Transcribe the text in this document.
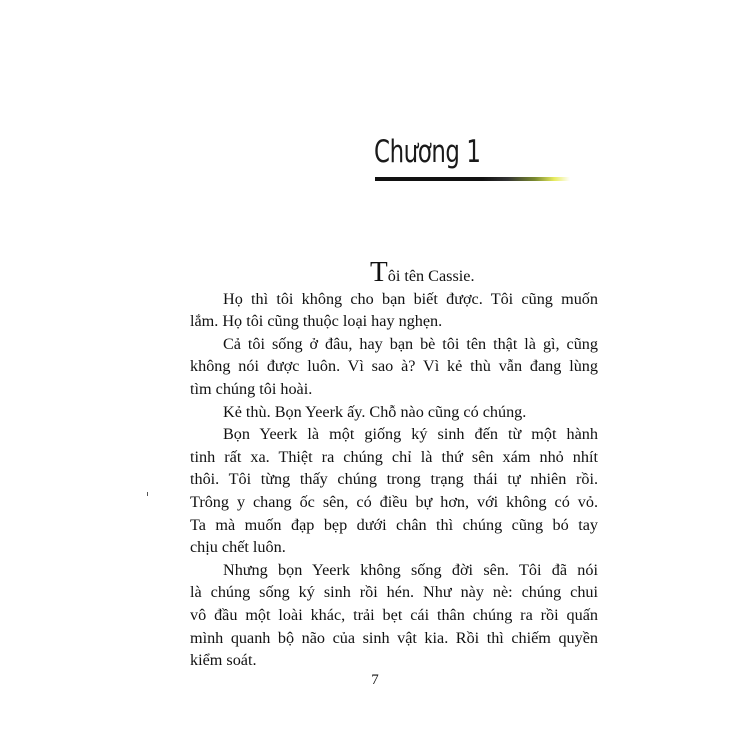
Chương 1
Tôi tên Cassie.
Họ thì tôi không cho bạn biết được. Tôi cũng muốn
lắm. Họ tôi cũng thuộc loại hay nghẹn.
Cả tôi sống ở đâu, hay bạn bè tôi tên thật là gì, cũng
không nói được luôn. Vì sao à? Vì kẻ thù vẫn đang lùng
tìm chúng tôi hoài.
Kẻ thù. Bọn Yeerk ấy. Chỗ nào cũng có chúng.
Bọn Yeerk là một giống ký sinh đến từ một hành
tinh rất xa. Thiệt ra chúng chỉ là thứ sên xám nhỏ nhít
thôi. Tôi từng thấy chúng trong trạng thái tự nhiên rồi.
Trông y chang ốc sên, có điều bự hơn, với không có vỏ.
Ta mà muốn đạp bẹp dưới chân thì chúng cũng bó tay
chịu chết luôn.
Nhưng bọn Yeerk không sống đời sên. Tôi đã nói
là chúng sống ký sinh rồi hén. Như này nè: chúng chui
vô đầu một loài khác, trải bẹt cái thân chúng ra rồi quấn
mình quanh bộ não của sinh vật kia. Rồi thì chiếm quyền
kiểm soát.
7
